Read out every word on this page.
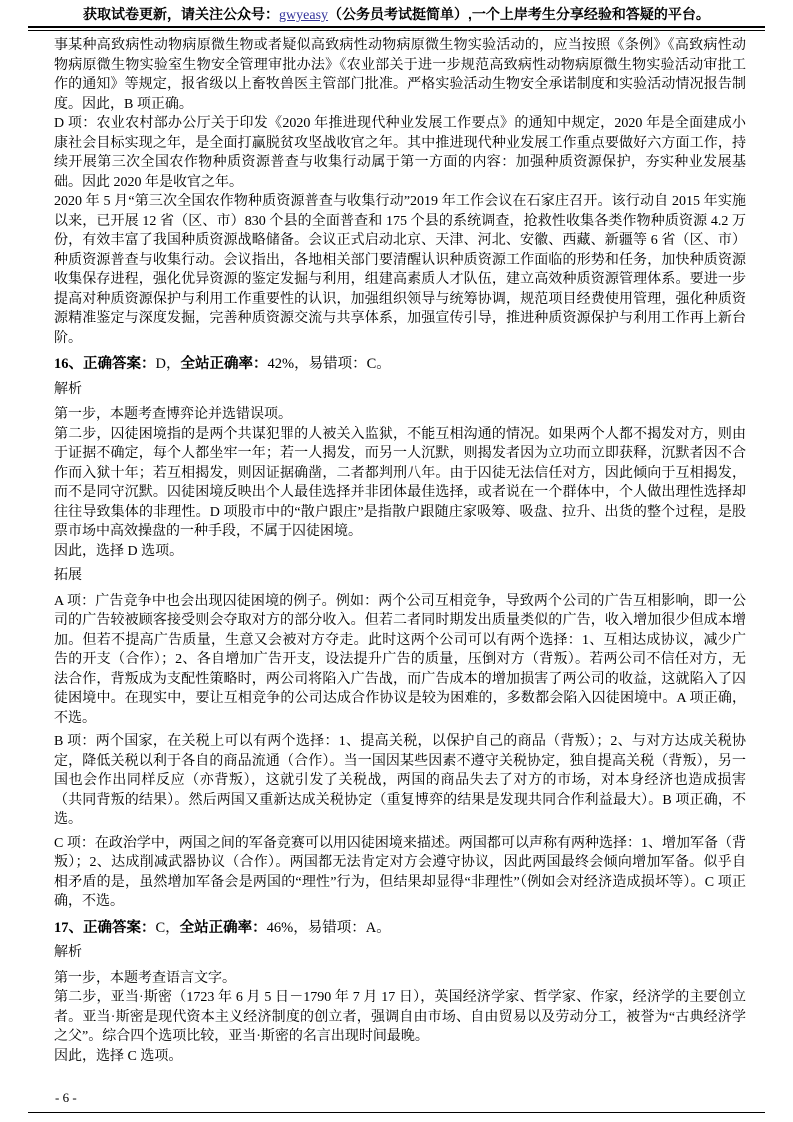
获取试卷更新，请关注公众号：gwyeasy（公务员考试挺简单）,一个上岸考生分享经验和答疑的平台。

事某种高致病性动物病原微生物或者疑似高致病性动物病原微生物实验活动的，应当按照《条例》《高致病性动物病原微生物实验室生物安全管理审批办法》《农业部关于进一步规范高致病性动物病原微生物实验活动审批工作的通知》等规定，报省级以上畜牧兽医主管部门批准。严格实验活动生物安全承诺制度和实验活动情况报告制度。因此，B 项正确。

D 项：农业农村部办公厅关于印发《2020 年推进现代种业发展工作要点》的通知中规定，2020 年是全面建成小康社会目标实现之年，是全面打赢脱贫攻坚战收官之年。其中推进现代种业发展工作重点要做好六方面工作，持续开展第三次全国农作物种质资源普查与收集行动属于第一方面的内容：加强种质资源保护，夯实种业发展基础。因此 2020 年是收官之年。

2020 年 5 月“第三次全国农作物种质资源普查与收集行动”2019 年工作会议在石家庄召开。该行动自 2015 年实施以来，已开展 12 省（区、市）830 个县的全面普查和 175 个县的系统调查，抢救性收集各类作物种质资源 4.2 万份，有效丰富了我国种质资源战略储备。会议正式启动北京、天津、河北、安徽、西藏、新疆等 6 省（区、市）种质资源普查与收集行动。会议指出，各地相关部门要清醒认识种质资源工作面临的形势和任务，加快种质资源收集保存进程，强化优异资源的鉴定发掘与利用，组建高素质人才队伍，建立高效种质资源管理体系。要进一步提高对种质资源保护与利用工作重要性的认识，加强组织领导与统筹协调，规范项目经费使用管理，强化种质资源精准鉴定与深度发掘，完善种质资源交流与共享体系，加强宣传引导，推进种质资源保护与利用工作再上新台阶。

16、正确答案：D，全站正确率：42%，易错项：C。

解析

第一步，本题考查博弈论并选错误项。

第二步，囚徒困境指的是两个共谋犯罪的人被关入监狱，不能互相沟通的情况。如果两个人都不揭发对方，则由于证据不确定，每个人都坐牢一年；若一人揭发，而另一人沉默，则揭发者因为立功而立即获释，沉默者因不合作而入狱十年；若互相揭发，则因证据确凿，二者都判刑八年。由于囚徒无法信任对方，因此倾向于互相揭发，而不是同守沉默。囚徒困境反映出个人最佳选择并非团体最佳选择，或者说在一个群体中，个人做出理性选择却往往导致集体的非理性。D 项股市中的“散户跟庄”是指散户跟随庄家吸筹、吸盘、拉升、出货的整个过程，是股票市场中高效操盘的一种手段，不属于囚徒困境。

因此，选择 D 选项。

拓展

A 项：广告竞争中也会出现囚徒困境的例子。例如：两个公司互相竞争，导致两个公司的广告互相影响，即一公司的广告较被顾客接受则会夺取对方的部分收入。但若二者同时期发出质量类似的广告，收入增加很少但成本增加。但若不提高广告质量，生意又会被对方夺走。此时这两个公司可以有两个选择：1、互相达成协议，减少广告的开支（合作）；2、各自增加广告开支，设法提升广告的质量，压倒对方（背叛）。若两公司不信任对方，无法合作，背叛成为支配性策略时，两公司将陷入广告战，而广告成本的增加损害了两公司的收益，这就陷入了囚徒困境中。在现实中，要让互相竞争的公司达成合作协议是较为困难的，多数都会陷入囚徒困境中。A 项正确，不选。

B 项：两个国家，在关税上可以有两个选择：1、提高关税，以保护自己的商品（背叛）；2、与对方达成关税协定，降低关税以利于各自的商品流通（合作）。当一国因某些因素不遵守关税协定，独自提高关税（背叛），另一国也会作出同样反应（亦背叛），这就引发了关税战，两国的商品失去了对方的市场，对本身经济也造成损害（共同背叛的结果）。然后两国又重新达成关税协定（重复博弈的结果是发现共同合作利益最大）。B 项正确，不选。

C 项：在政治学中，两国之间的军备竞赛可以用囚徒困境来描述。两国都可以声称有两种选择：1、增加军备（背叛）；2、达成削减武器协议（合作）。两国都无法肯定对方会遵守协议，因此两国最终会倾向增加军备。似乎自相矛盾的是，虽然增加军备会是两国的“理性”行为，但结果却显得“非理性”（例如会对经济造成损坏等）。C 项正确，不选。

17、正确答案：C，全站正确率：46%，易错项：A。

解析

第一步，本题考查语言文字。

第二步，亚当·斯密（1723 年 6 月 5 日－1790 年 7 月 17 日），英国经济学家、哲学家、作家，经济学的主要创立者。亚当·斯密是现代资本主义经济制度的创立者，强调自由市场、自由贸易以及劳动分工，被誉为“古典经济学之父”。综合四个选项比较，亚当·斯密的名言出现时间最晚。

因此，选择 C 选项。

- 6 -
